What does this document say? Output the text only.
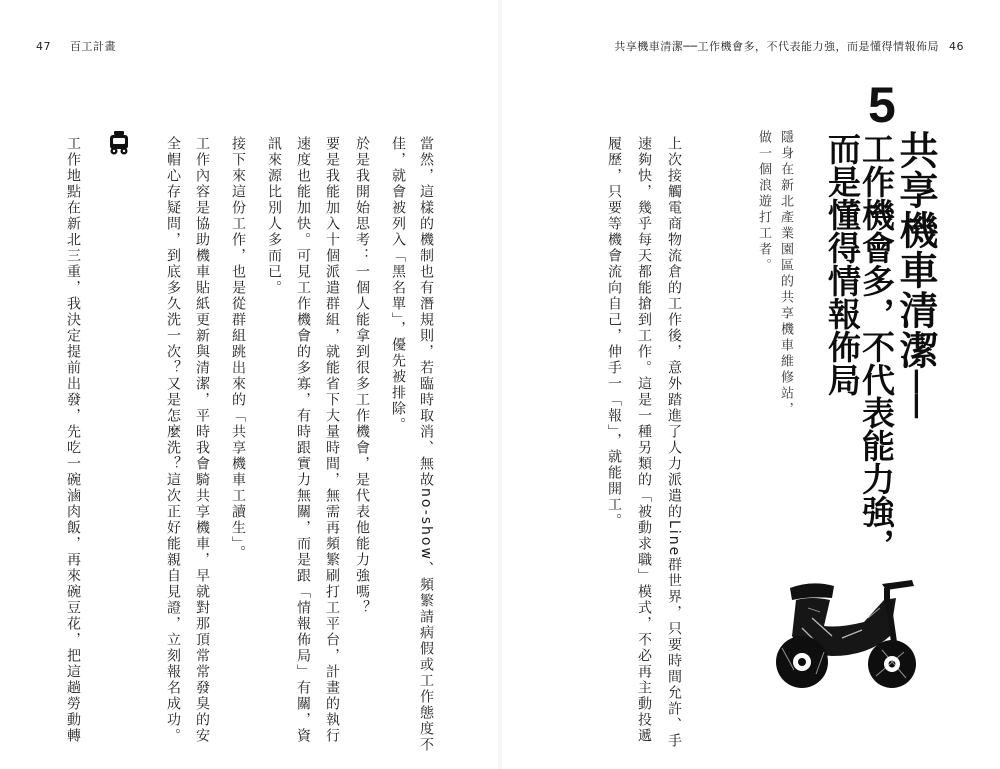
47 百工計畫	共享機車清潔──工作機會多，不代表能力強，而是懂得情報佈局 46
5
共享機車清潔──
工作機會多，不代表能力強，
而是懂得情報佈局
隱身在新北產業園區的共享機車維修站，
做一個浪遊打工者。
上次接觸電商物流倉的工作後，意外踏進了人力派遣的Line群世界，只要時間允許、手
速夠快，幾乎每天都能搶到工作。這是一種另類的「被動求職」模式，不必再主動投遞
履歷，只要等機會流向自己，伸手一「報」，就能開工。
當然，這樣的機制也有潛規則，若臨時取消、無故no-show、頻繁請病假或工作態度不
佳，就會被列入「黑名單」，優先被排除。
於是我開始思考：一個人能拿到很多工作機會，是代表他能力強嗎？
要是我能加入十個派遣群組，就能省下大量時間，無需再頻繁刷打工平台，計畫的執行
速度也能加快。可見工作機會的多寡，有時跟實力無關，而是跟「情報佈局」有關，資
訊來源比別人多而已。
接下來這份工作，也是從群組跳出來的「共享機車工讀生」。
工作內容是協助機車貼紙更新與清潔，平時我會騎共享機車，早就對那頂常常發臭的安
全帽心存疑問，到底多久洗一次？又是怎麼洗？這次正好能親自見證，立刻報名成功。
工作地點在新北三重，我決定提前出發，先吃一碗滷肉飯，再來碗豆花，把這趟勞動轉
